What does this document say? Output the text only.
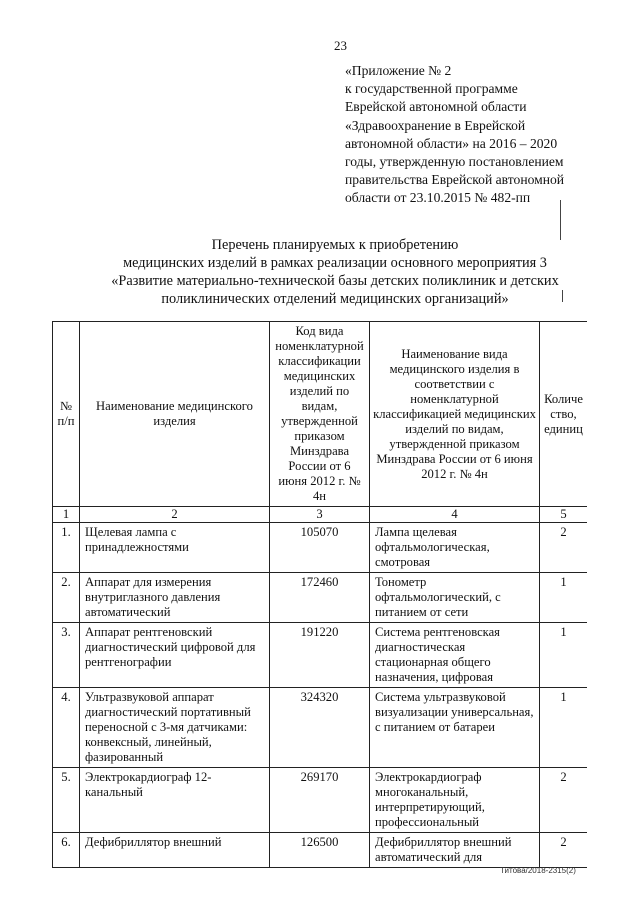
23
«Приложение № 2
к государственной программе
Еврейской автономной области
«Здравоохранение в Еврейской
автономной области» на 2016 – 2020
годы, утвержденную постановлением
правительства Еврейской автономной
области от 23.10.2015 № 482-пп
Перечень планируемых к приобретению
медицинских изделий в рамках реализации основного мероприятия 3
«Развитие материально-технической базы детских поликлиник и детских
поликлинических отделений медицинских организаций»
№ п/п	Наименование медицинского изделия	Код вида номенклатурной классификации медицинских изделий по видам, утвержденной приказом Минздрава России от 6 июня 2012 г. № 4н	Наименование вида медицинского изделия в соответствии с номенклатурной классификацией медицинских изделий по видам, утвержденной приказом Минздрава России от 6 июня 2012 г. № 4н	Количе ство, единиц
1	2	3	4	5
1.	Щелевая лампа с принадлежностями	105070	Лампа щелевая офтальмологическая, смотровая	2
2.	Аппарат для измерения внутриглазного давления автоматический	172460	Тонометр офтальмологический, с питанием от сети	1
3.	Аппарат рентгеновский диагностический цифровой для рентгенографии	191220	Система рентгеновская диагностическая стационарная общего назначения, цифровая	1
4.	Ультразвуковой аппарат диагностический портативный переносной с 3-мя датчиками: конвексный, линейный, фазированный	324320	Система ультразвуковой визуализации универсальная, с питанием от батареи	1
5.	Электрокардиограф 12-канальный	269170	Электрокардиограф многоканальный, интерпретирующий, профессиональный	2
6.	Дефибриллятор внешний	126500	Дефибриллятор внешний автоматический для	2
Титова/2018-2315(2)
